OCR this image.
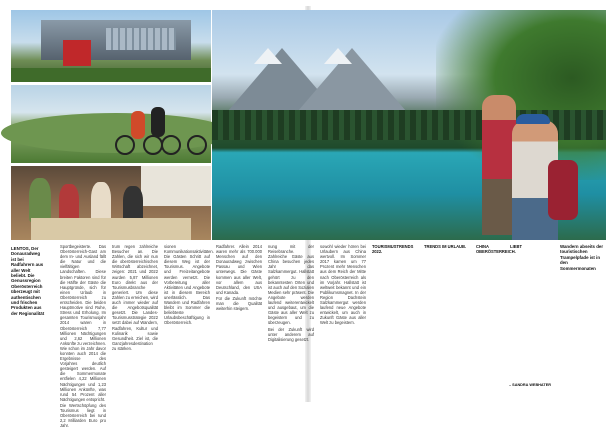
LENTOS, Der Donauradweg ist bei Radfahrern aus aller Welt beliebt. Die Genussregion Oberösterreich überzeugt mit authentischen und frischen Produkten aus der Regionalität

Sportbegeisterte. Das Oberösterreich-Gast am dem In- und Ausland fällt die Natur und die vielfältigen Landschaften. Diese breiten Faktoren sind für die Hälfte der Gäste die Hauptgründe, sich für einen Urlaub in Oberösterreich zu entscheiden. Die beiden Hauptmotive sind Ruhe, Stress und Erholung. Im gesamten Tourismusjahr 2014 waren in Oberösterreich 7,77 Millionen Nächtigungen und 2,62 Millionen Ankünfte zu verzeichnen. Wie schon im Jahr davor konnten auch 2014 die Ergebnisse des Vorjahres deutlich gesteigert werden. Auf die Sommermonate entfielen 4,22 Millionen Nächtigungen und 1,23 Millionen Ankünfte, was rund 54 Prozent aller Nächtigungen entspricht.

Die Wertschöpfung des Tourismus liegt in Oberösterreich bei rund 2,2 Milliarden Euro pro Jahr.

trum regen zahlreiche Besucher an. Die Zahlen, die sich wir nun die oberösterreichischen Wirtschaft abzeichnet, zeigen: 2021 und 2022 wurden 5,87 Millionen Euro direkt aus der Tourismusbranche generiert. Um diese Zahlen zu erreichen, wird auch immer wieder auf die Angebotsqualität gesetzt. Die Landes-Tourismusstrategie 2022 setzt dabei auf Wandern, Radfahren, Kultur und Kulinarik sowie Gesundheit. Ziel ist, die Ganzjahresdestination zu stärken.

sionen Kommunikationsaktivitäten. Die Gästen Schritt auf diesem Weg ist der Tourismus. Angebote und Freizeitangebote werden vernetzt. Die Vorbereitung aller Aktivitäten und Angebote ist in diesem Bereich unerlässlich. Das Wandern und Radfahren bleibt im Sommer die beliebteste Urlaubsbeschäftigung in Oberösterreich.

Radfahrer. Allein 2014 waren mehr als 700.000 Menschen auf den Donauradweg zwischen Passau und Wien unterwegs. Die Gäste kommen aus aller Welt, vor allem aus Deutschland, den USA und Kanada.

Für die Zukunft möchte man die Qualität weiterhin steigern.

nung mit der Reisebranche. Zahlreiche Gäste aus China besuchen jedes Jahr das Salzkammergut. Hallstatt gehört zu den bekanntesten Orten und ist auch auf den Sozialen Medien sehr präsent. Die Angebote werden laufend weiterentwickelt und ausgebaut, um die Gäste aus aller Welt zu begeistern und zu überzeugen.

Bei der Zukunft wird unter anderem auf Digitalisierung gesetzt.

sowohl wieder hören bei Urlaubern aus China wertvoll. Im Sommer 2017 kamen um 77 Prozent mehr Menschen aus dem Reich der Mitte nach Oberösterreich als im Vorjahr. Hallstatt ist weltweit bekannt und ein Publikumsmagnet. In der Region Dachstein Salzkammergut werden laufend neue Angebote entwickelt, um auch in Zukunft Gäste aus aller Welt zu begeistern.

TOURISMUSTRENDS 2022.

TRENDS IM URLAUB.	CHINA LIEBT OBERÖSTERREICH.

Wandern abseits der touristischen Trampelpfade ist in den Sommermonaten
– SANDRA WEBHATER
